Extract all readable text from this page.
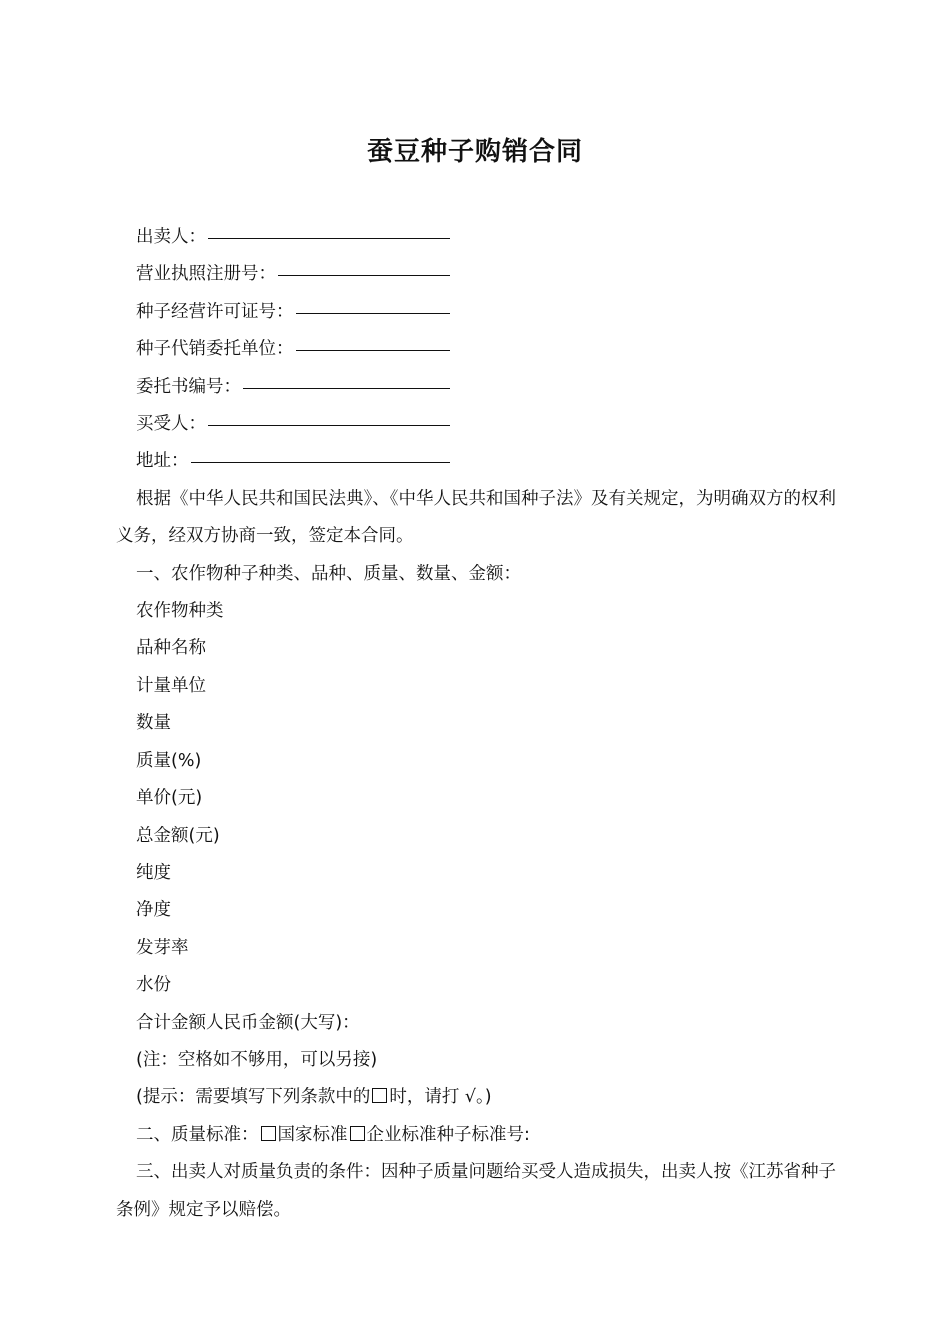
蚕豆种子购销合同
出卖人：
营业执照注册号：
种子经营许可证号：
种子代销委托单位：
委托书编号：
买受人：
地址：

根据《中华人民共和国民法典》、《中华人民共和国种子法》及有关规定，为明确双方的权利义务，经双方协商一致，签定本合同。

一、农作物种子种类、品种、质量、数量、金额：

农作物种类

品种名称

计量单位

数量

质量(%)

单价(元)

总金额(元)

纯度

净度

发芽率

水份

合计金额人民币金额(大写)：

(注：空格如不够用，可以另接)

(提示：需要填写下列条款中的 时，请打 √。)

二、质量标准： 国家标准 企业标准种子标准号:

三、出卖人对质量负责的条件：因种子质量问题给买受人造成损失，出卖人按《江苏省种子条例》规定予以赔偿。
